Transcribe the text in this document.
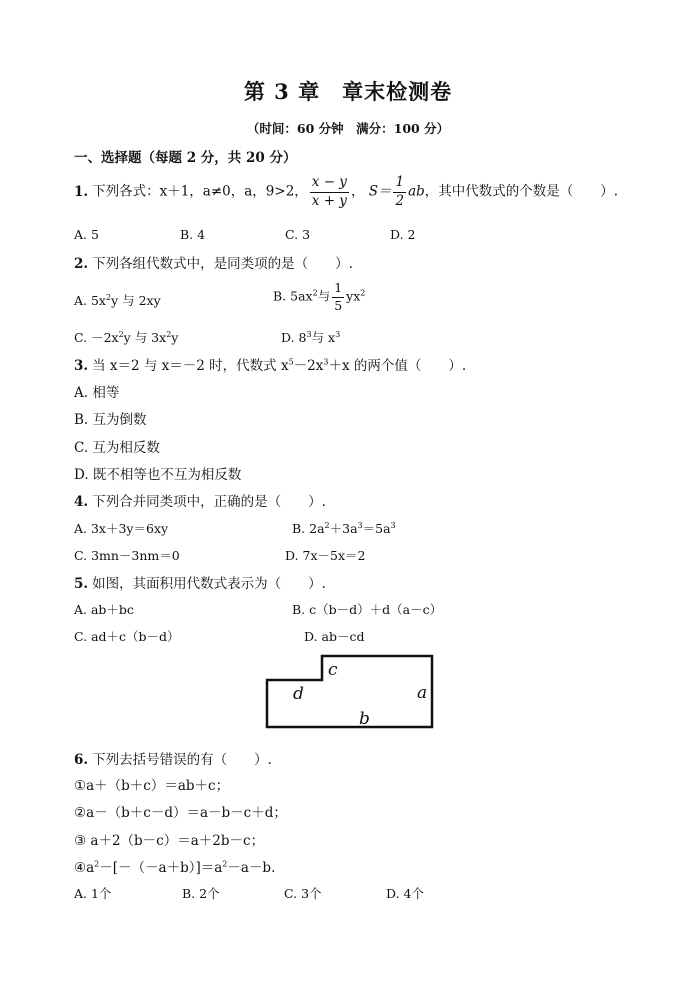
第 3 章　章末检测卷
（时间：60 分钟　满分：100 分）
一、选择题（每题 2 分，共 20 分）
1. 下列各式：x＋1，a≠0，a，9>2， $\frac{x - y}{x + y}$ ， $S= \frac{1}{2}$ ab，其中代数式的个数是（　　）.
A. 5	B. 4	C. 3	D. 2
2. 下列各组代数式中，是同类项的是（　　）.
A. $5x^2y$ 与 2xy	B. $5ax^2$与 $\frac{1}{5} yx^2$
C. $-2x^2y$ 与 $3x^2y$	D. $8^3$与 $x^3$
3. 当 x＝2 与 x＝－2 时，代数式 $x^5-2x^3+x$ 的两个值（　　）.
A. 相等
B. 互为倒数
C. 互为相反数
D. 既不相等也不互为相反数
4. 下列合并同类项中，正确的是（　　）.
A. 3x＋3y＝6xy	B. $2a^2+3a^3=5a^3$
C. 3mn－3nm＝0	D. 7x－5x＝2
5. 如图，其面积用代数式表示为（　　）.
A. ab＋bc	B. c（b－d）＋d（a－c）
C. ad＋c（b－d）	D. ab－cd
c
d	a
b
6. 下列去括号错误的有（　　）.
①a＋（b＋c）＝ab＋c；
②a－（b＋c－d）＝a－b－c＋d；
③ a＋2（b－c）＝a＋2b－c；
$④a^2-[-(-a+b)]=a^2-a-b$.
A. 1个	B. 2个	C. 3个	D. 4个
